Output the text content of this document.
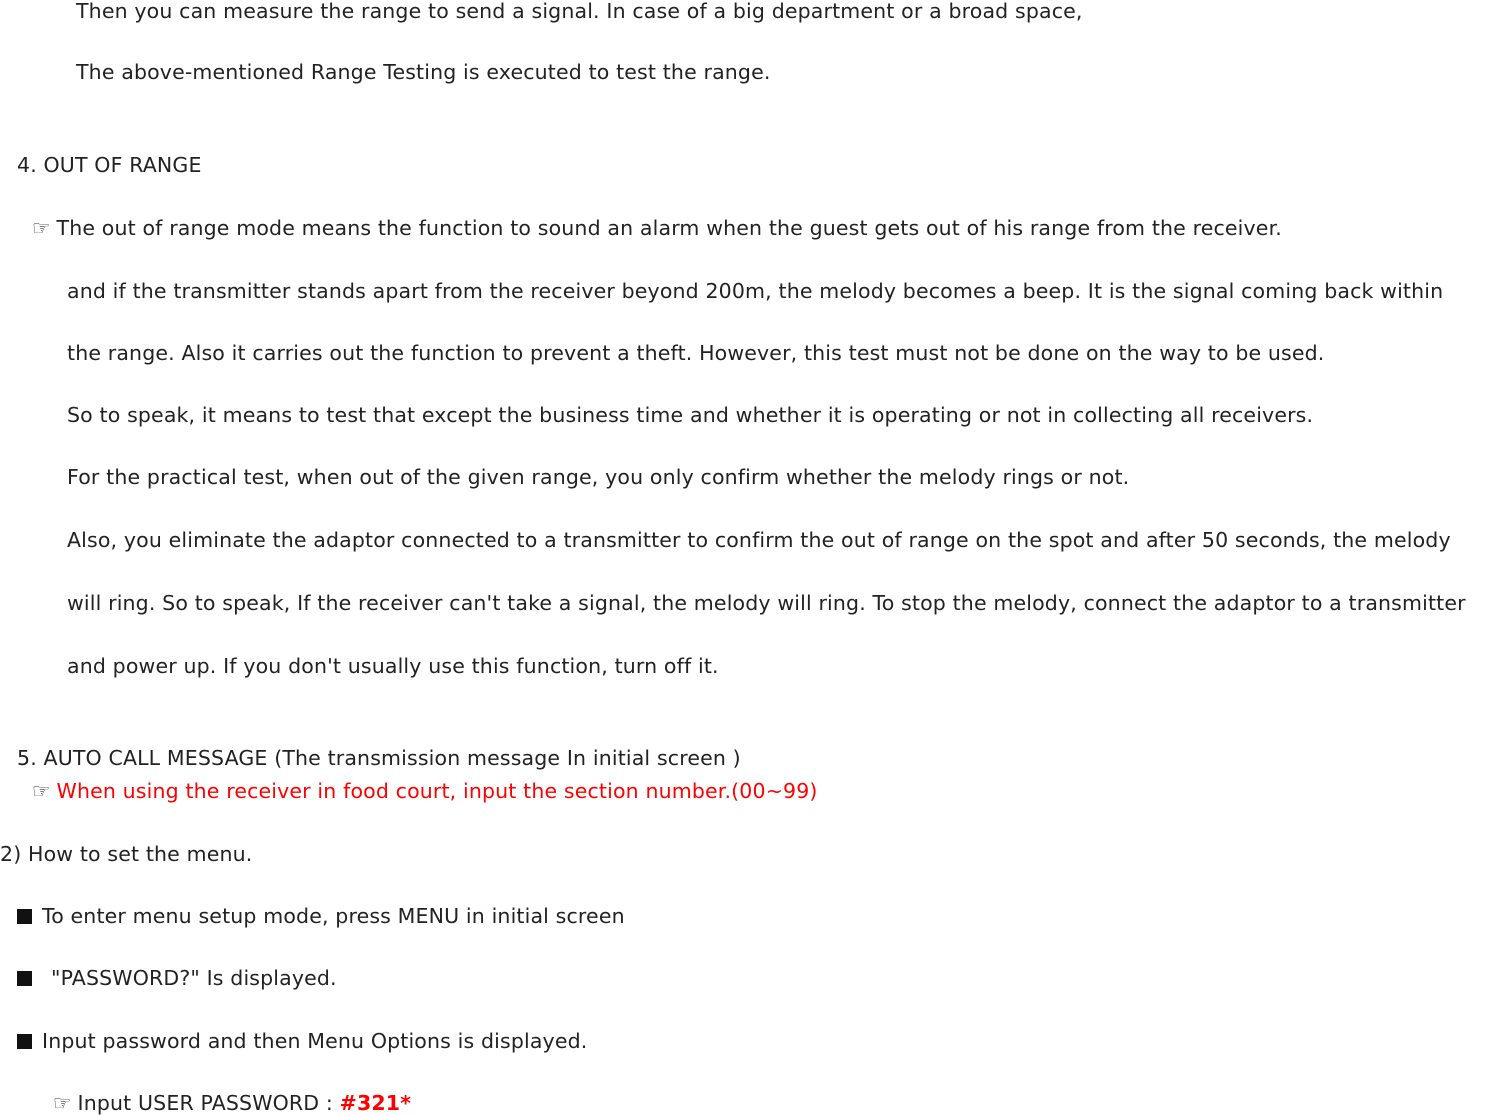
Then you can measure the range to send a signal. In case of a big department or a broad space,
The above-mentioned Range Testing is executed to test the range.
4. OUT OF RANGE
☞ The out of range mode means the function to sound an alarm when the guest gets out of his range from the receiver.
and if the transmitter stands apart from the receiver beyond 200m, the melody becomes a beep. It is the signal coming back within
the range. Also it carries out the function to prevent a theft. However, this test must not be done on the way to be used.
So to speak, it means to test that except the business time and whether it is operating or not in collecting all receivers.
For the practical test, when out of the given range, you only confirm whether the melody rings or not.
Also, you eliminate the adaptor connected to a transmitter to confirm the out of range on the spot and after 50 seconds, the melody
will ring. So to speak, If the receiver can't take a signal, the melody will ring. To stop the melody, connect the adaptor to a transmitter
and power up. If you don't usually use this function, turn off it.
5. AUTO CALL MESSAGE (The transmission message In initial screen )
☞ When using the receiver in food court, input the section number.(00~99)
2) How to set the menu.
To enter menu setup mode, press MENU in initial screen
"PASSWORD?" Is displayed.
Input password and then Menu Options is displayed.
☞ Input USER PASSWORD : #321*
